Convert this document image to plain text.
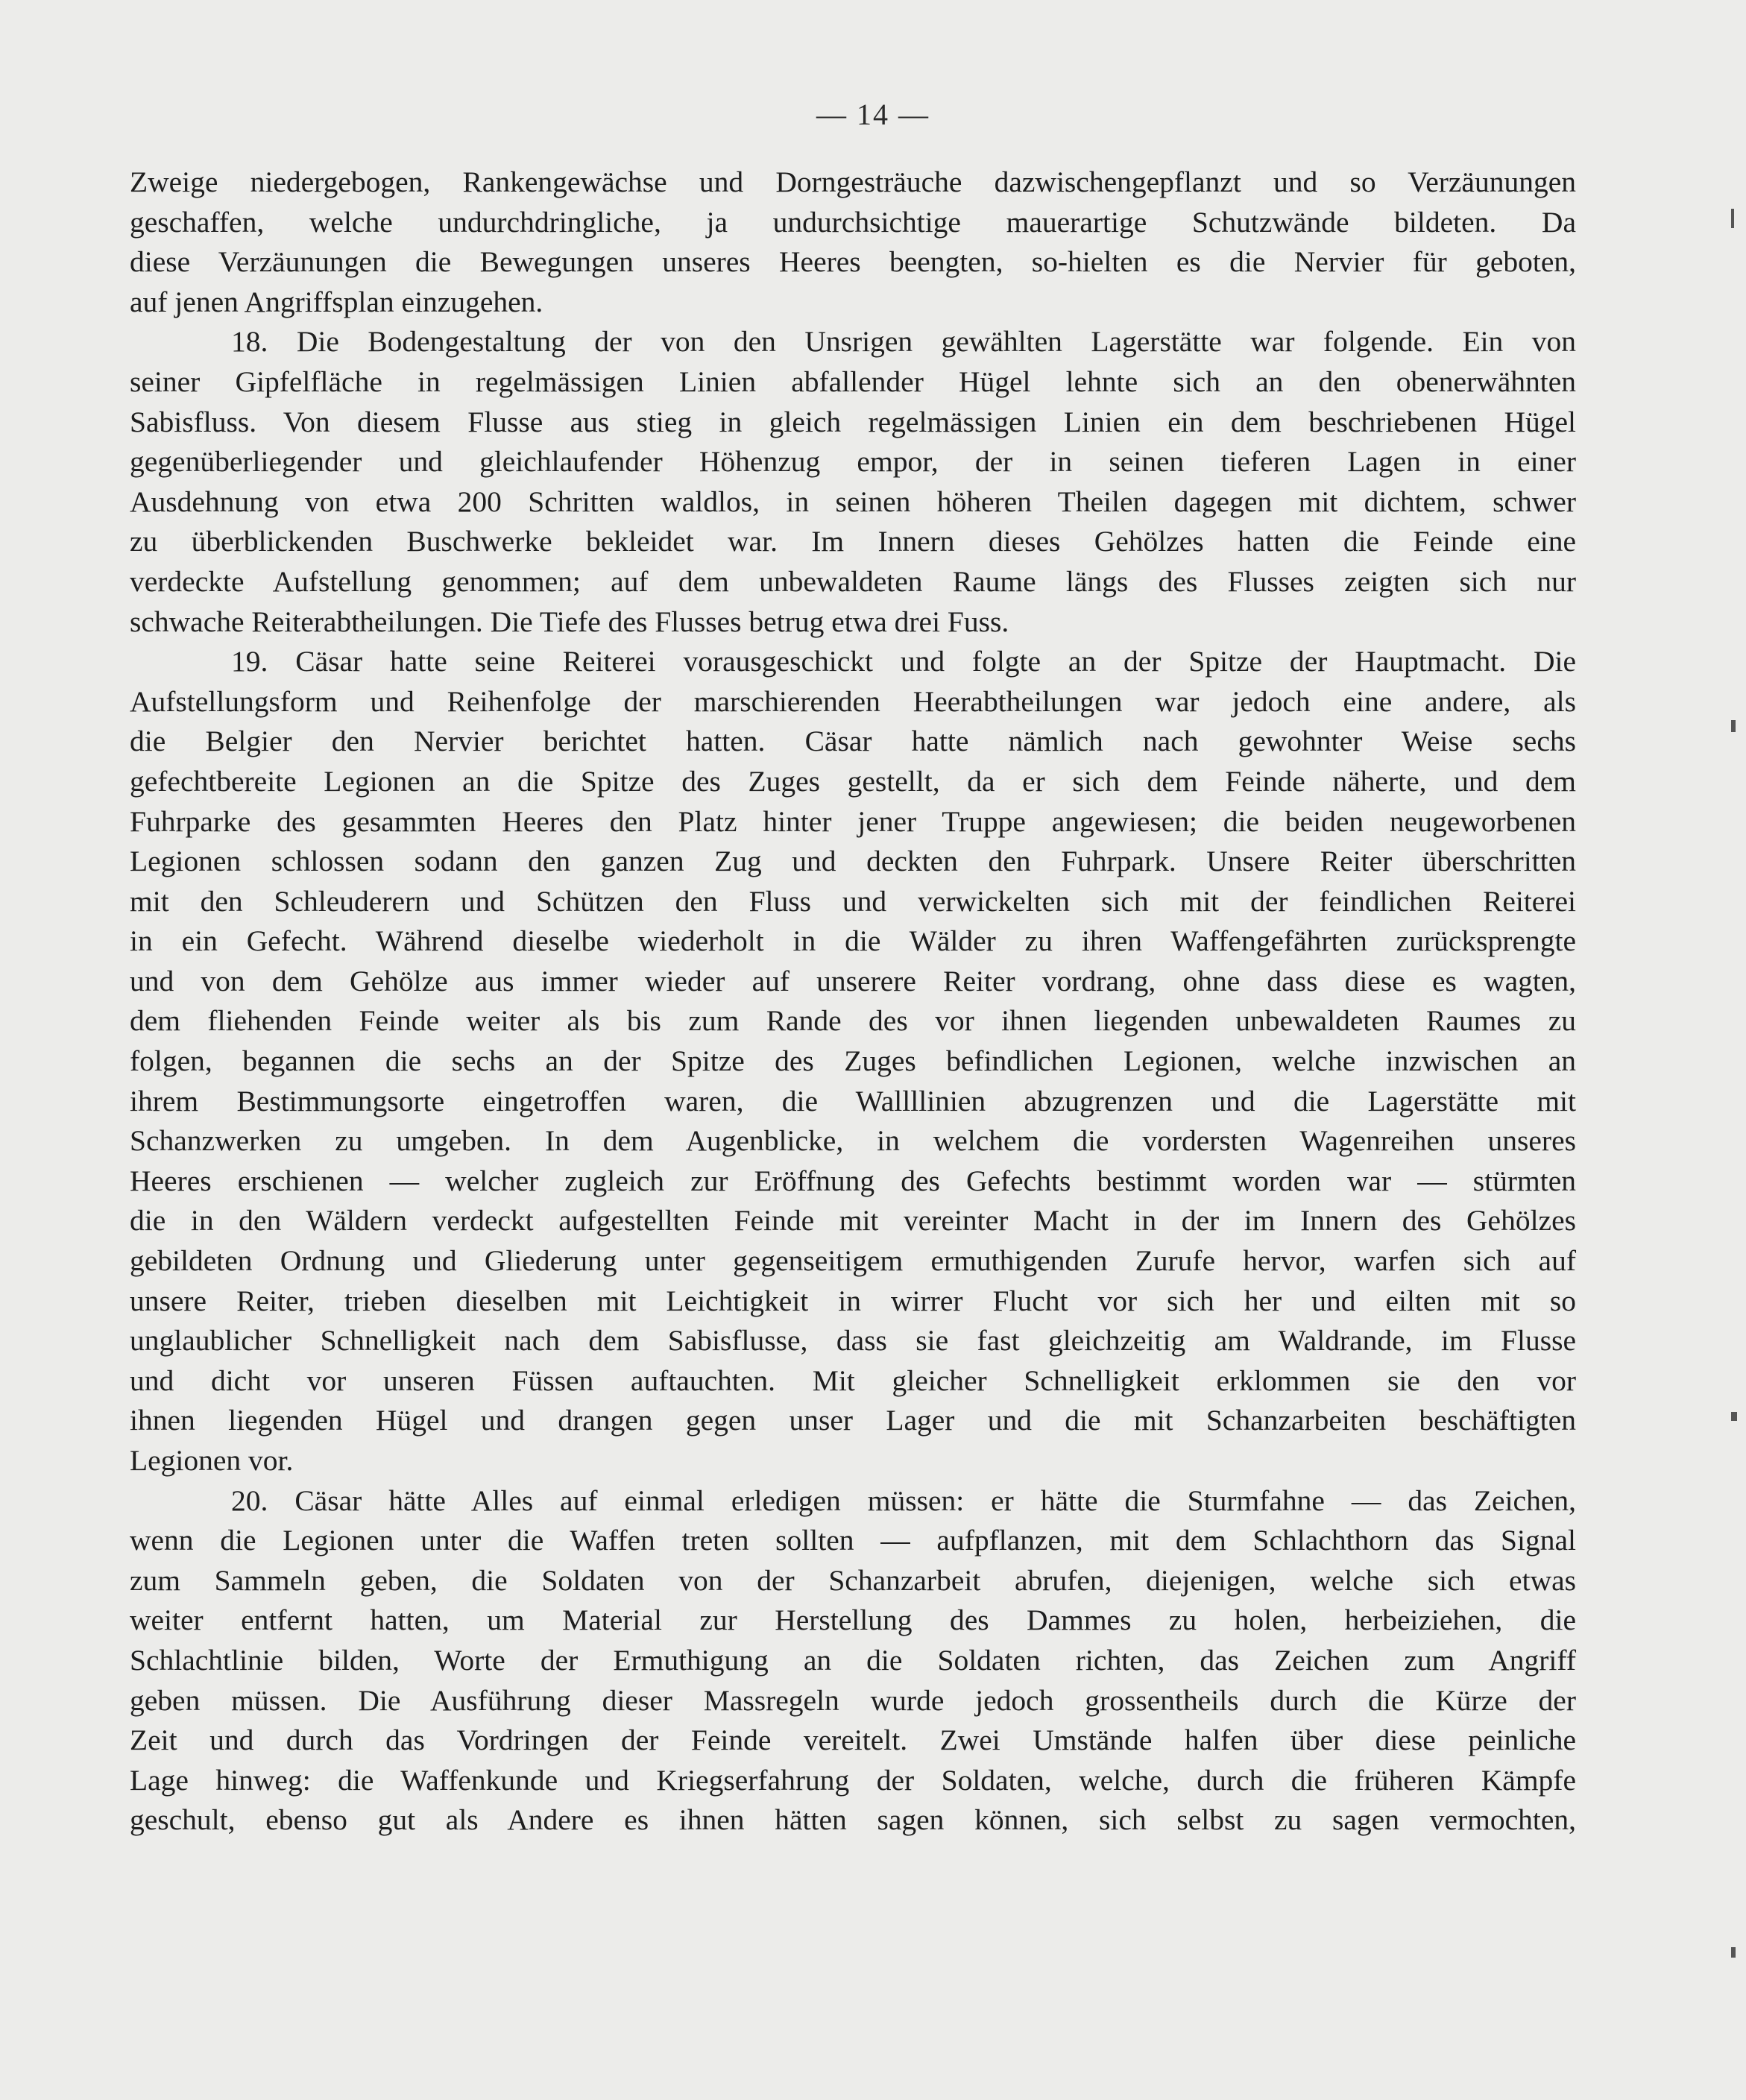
— 14 —

Zweige niedergebogen, Rankengewächse und Dorngesträuche dazwischengepflanzt und so Verzäunungen
geschaffen, welche undurchdringliche, ja undurchsichtige mauerartige Schutzwände bildeten. Da
diese Verzäunungen die Bewegungen unseres Heeres beengten, so-hielten es die Nervier für geboten,
auf jenen Angriffsplan einzugehen.

18. Die Bodengestaltung der von den Unsrigen gewählten Lagerstätte war folgende. Ein von
seiner Gipfelfläche in regelmässigen Linien abfallender Hügel lehnte sich an den obenerwähnten
Sabisfluss. Von diesem Flusse aus stieg in gleich regelmässigen Linien ein dem beschriebenen Hügel
gegenüberliegender und gleichlaufender Höhenzug empor, der in seinen tieferen Lagen in einer
Ausdehnung von etwa 200 Schritten waldlos, in seinen höheren Theilen dagegen mit dichtem, schwer
zu überblickenden Buschwerke bekleidet war. Im Innern dieses Gehölzes hatten die Feinde eine
verdeckte Aufstellung genommen; auf dem unbewaldeten Raume längs des Flusses zeigten sich nur
schwache Reiterabtheilungen. Die Tiefe des Flusses betrug etwa drei Fuss.

19. Cäsar hatte seine Reiterei vorausgeschickt und folgte an der Spitze der Hauptmacht. Die
Aufstellungsform und Reihenfolge der marschierenden Heerabtheilungen war jedoch eine andere, als
die Belgier den Nervier berichtet hatten. Cäsar hatte nämlich nach gewohnter Weise sechs
gefechtbereite Legionen an die Spitze des Zuges gestellt, da er sich dem Feinde näherte, und dem
Fuhrparke des gesammten Heeres den Platz hinter jener Truppe angewiesen; die beiden neugeworbenen
Legionen schlossen sodann den ganzen Zug und deckten den Fuhrpark. Unsere Reiter überschritten
mit den Schleuderern und Schützen den Fluss und verwickelten sich mit der feindlichen Reiterei
in ein Gefecht. Während dieselbe wiederholt in die Wälder zu ihren Waffengefährten zurücksprengte
und von dem Gehölze aus immer wieder auf unserere Reiter vordrang, ohne dass diese es wagten,
dem fliehenden Feinde weiter als bis zum Rande des vor ihnen liegenden unbewaldeten Raumes zu
folgen, begannen die sechs an der Spitze des Zuges befindlichen Legionen, welche inzwischen an
ihrem Bestimmungsorte eingetroffen waren, die Wallllinien abzugrenzen und die Lagerstätte mit
Schanzwerken zu umgeben. In dem Augenblicke, in welchem die vordersten Wagenreihen unseres
Heeres erschienen — welcher zugleich zur Eröffnung des Gefechts bestimmt worden war — stürmten
die in den Wäldern verdeckt aufgestellten Feinde mit vereinter Macht in der im Innern des Gehölzes
gebildeten Ordnung und Gliederung unter gegenseitigem ermuthigenden Zurufe hervor, warfen sich auf
unsere Reiter, trieben dieselben mit Leichtigkeit in wirrer Flucht vor sich her und eilten mit so
unglaublicher Schnelligkeit nach dem Sabisflusse, dass sie fast gleichzeitig am Waldrande, im Flusse
und dicht vor unseren Füssen auftauchten. Mit gleicher Schnelligkeit erklommen sie den vor
ihnen liegenden Hügel und drangen gegen unser Lager und die mit Schanzarbeiten beschäftigten
Legionen vor.

20. Cäsar hätte Alles auf einmal erledigen müssen: er hätte die Sturmfahne — das Zeichen,
wenn die Legionen unter die Waffen treten sollten — aufpflanzen, mit dem Schlachthorn das Signal
zum Sammeln geben, die Soldaten von der Schanzarbeit abrufen, diejenigen, welche sich etwas
weiter entfernt hatten, um Material zur Herstellung des Dammes zu holen, herbeiziehen, die
Schlachtlinie bilden, Worte der Ermuthigung an die Soldaten richten, das Zeichen zum Angriff
geben müssen. Die Ausführung dieser Massregeln wurde jedoch grossentheils durch die Kürze der
Zeit und durch das Vordringen der Feinde vereitelt. Zwei Umstände halfen über diese peinliche
Lage hinweg: die Waffenkunde und Kriegserfahrung der Soldaten, welche, durch die früheren Kämpfe
geschult, ebenso gut als Andere es ihnen hätten sagen können, sich selbst zu sagen vermochten,
